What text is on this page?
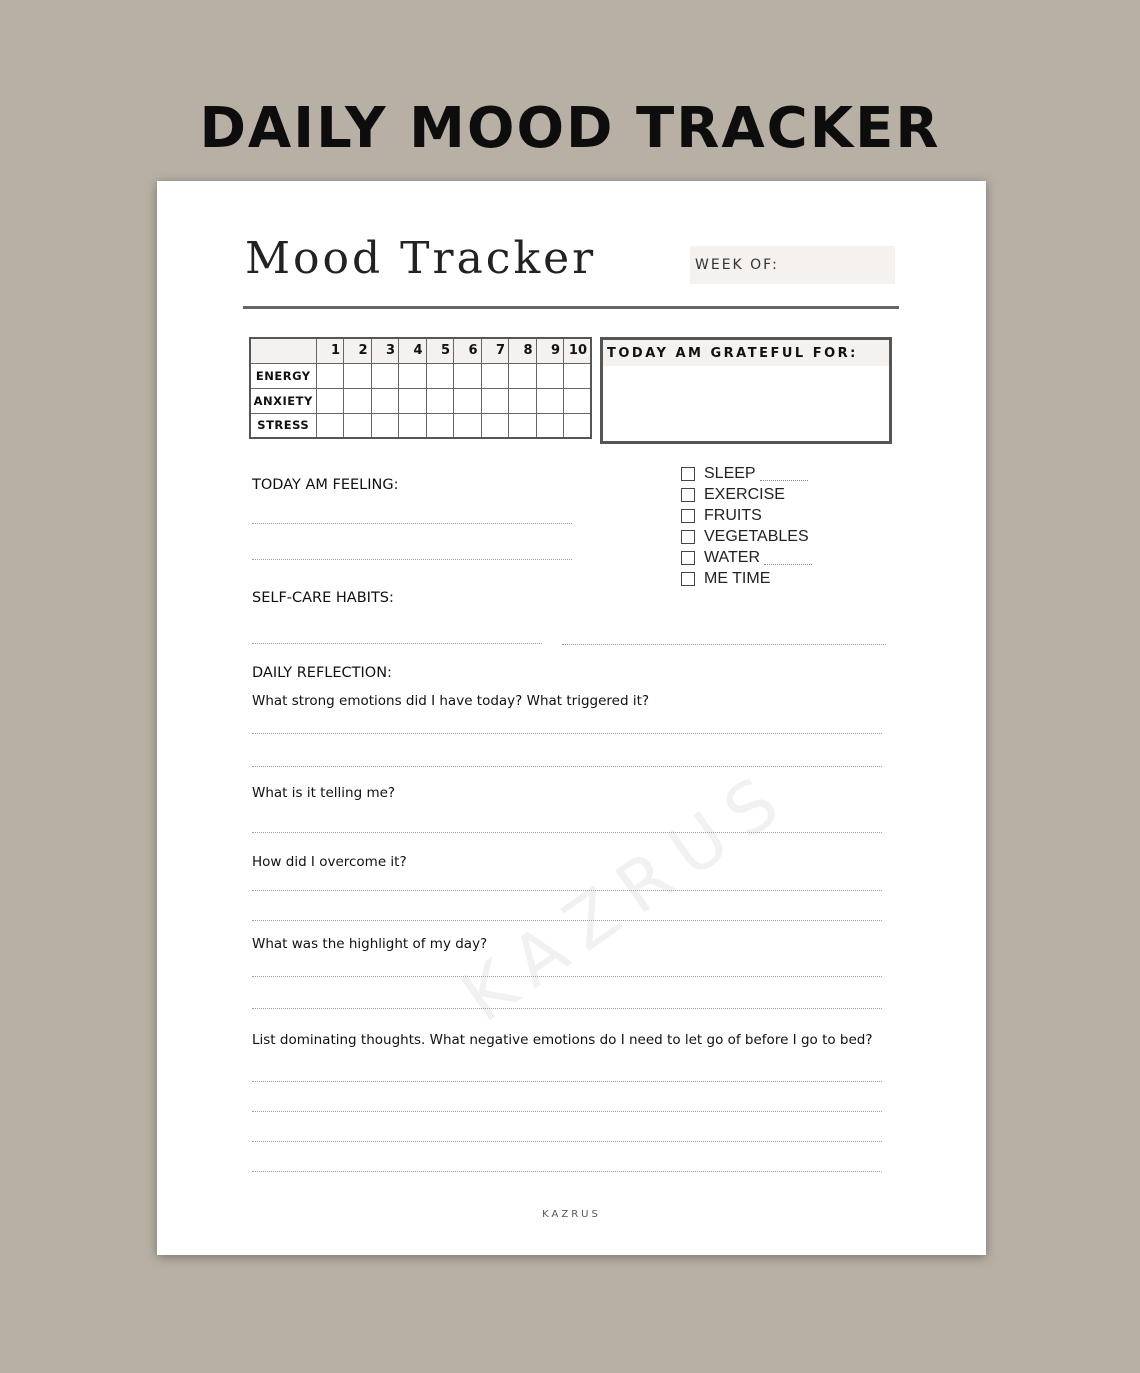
DAILY MOOD TRACKER
Mood Tracker	WEEK OF:
	1	2	3	4	5	6	7	8	9	10
ENERGY										
ANXIETY										
STRESS										
TODAY AM GRATEFUL FOR:
TODAY AM FEELING:
SLEEP
EXERCISE
FRUITS
VEGETABLES
WATER
ME TIME
SELF-CARE HABITS:
DAILY REFLECTION:
What strong emotions did I have today? What triggered it?
What is it telling me?
How did I overcome it?
What was the highlight of my day?
List dominating thoughts. What negative emotions do I need to let go of before I go to bed?
KAZRUS
KAZRUS
